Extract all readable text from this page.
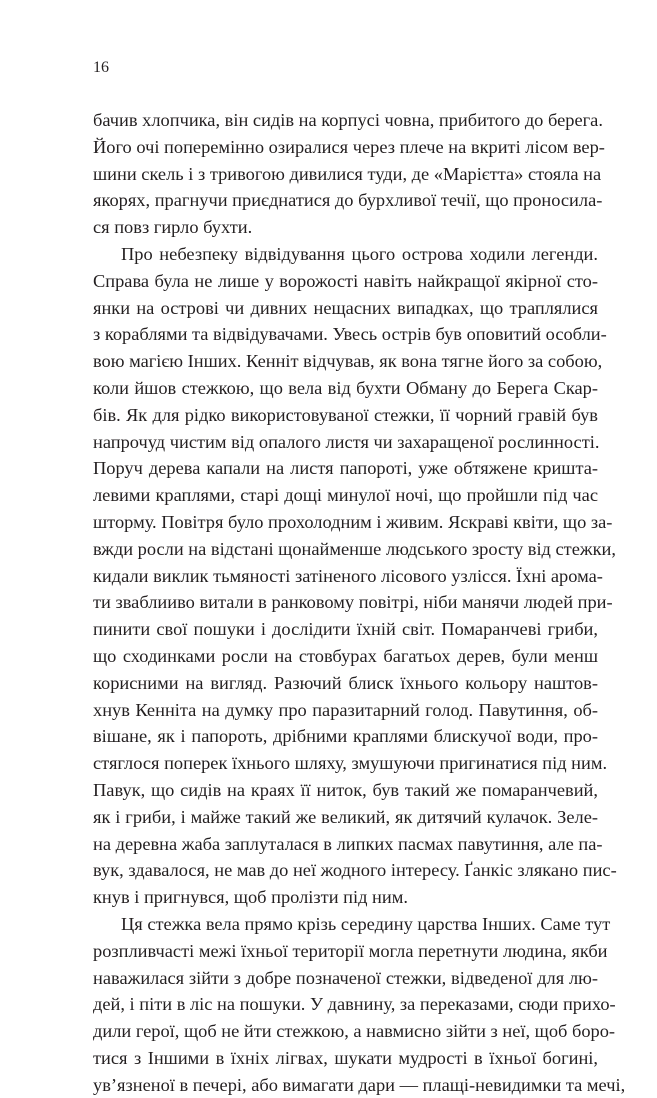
16
бачив хлопчика, він сидів на корпусі човна, прибитого до берега.
Його очі поперемінно озиралися через плече на вкриті лісом вер-
шини скель і з тривогою дивилися туди, де «Марієтта» стояла на
якорях, прагнучи приєднатися до бурхливої течії, що проносила-
ся повз гирло бухти.
Про небезпеку відвідування цього острова ходили легенди.
Справа була не лише у ворожості навіть найкращої якірної сто-
янки на острові чи дивних нещасних випадках, що траплялися
з кораблями та відвідувачами. Увесь острів був оповитий особли-
вою магією Інших. Кенніт відчував, як вона тягне його за собою,
коли йшов стежкою, що вела від бухти Обману до Берега Скар-
бів. Як для рідко використовуваної стежки, її чорний гравій був
напрочуд чистим від опалого листя чи захаращеної рослинності.
Поруч дерева капали на листя папороті, уже обтяжене кришта-
левими краплями, старі дощі минулої ночі, що пройшли під час
шторму. Повітря було прохолодним і живим. Яскраві квіти, що за-
вжди росли на відстані щонайменше людського зросту від стежки,
кидали виклик тьмяності затіненого лісового узлісся. Їхні арома-
ти зваблииво витали в ранковому повітрі, ніби манячи людей при-
пинити свої пошуки і дослідити їхній світ. Помаранчеві гриби,
що сходинками росли на стовбурах багатьох дерев, були менш
корисними на вигляд. Разючий блиск їхнього кольору наштов-
хнув Кенніта на думку про паразитарний голод. Павутиння, об-
вішане, як і папороть, дрібними краплями блискучої води, про-
стяглося поперек їхнього шляху, змушуючи пригинатися під ним.
Павук, що сидів на краях її ниток, був такий же помаранчевий,
як і гриби, і майже такий же великий, як дитячий кулачок. Зеле-
на деревна жаба заплуталася в липких пасмах павутиння, але па-
вук, здавалося, не мав до неї жодного інтересу. Ґанкіс злякано пис-
кнув і пригнувся, щоб пролізти під ним.
Ця стежка вела прямо крізь середину царства Інших. Саме тут
розпливчасті межі їхньої території могла перетнути людина, якби
наважилася зійти з добре позначеної стежки, відведеної для лю-
дей, і піти в ліс на пошуки. У давнину, за переказами, сюди прихо-
дили герої, щоб не йти стежкою, а навмисно зійти з неї, щоб боро-
тися з Іншими в їхніх лігвах, шукати мудрості в їхньої богині,
ув’язненої в печері, або вимагати дари — плащі-невидимки та мечі,
